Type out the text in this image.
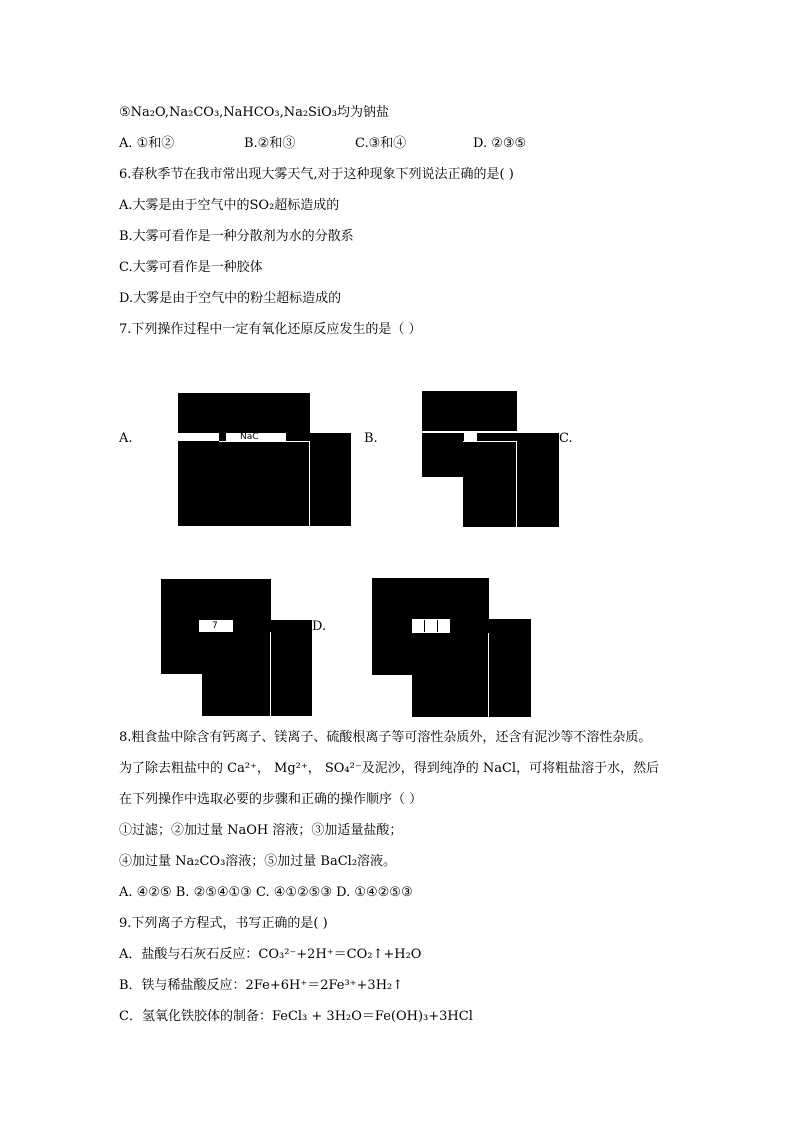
⑤Na₂O,Na₂CO₃,NaHCO₃,Na₂SiO₃均为钠盐
A. ①和②	B.②和③	C.③和④	D. ②③⑤
6.春秋季节在我市常出现大雾天气,对于这种现象下列说法正确的是( )
A.大雾是由于空气中的SO₂超标造成的
B.大雾可看作是一种分散剂为水的分散系
C.大雾可看作是一种胶体
D.大雾是由于空气中的粉尘超标造成的
7.下列操作过程中一定有氧化还原反应发生的是（ ）
A.	NaC	B.	C.
7	D.
8.粗食盐中除含有钙离子、镁离子、硫酸根离子等可溶性杂质外，还含有泥沙等不溶性杂质。
为了除去粗盐中的 Ca²⁺， Mg²⁺， SO₄²⁻及泥沙，得到纯净的 NaCl，可将粗盐溶于水，然后
在下列操作中选取必要的步骤和正确的操作顺序（ ）
①过滤；②加过量 NaOH 溶液；③加适量盐酸；
④加过量 Na₂CO₃溶液；⑤加过量 BaCl₂溶液。
A. ④②⑤ B. ②⑤④①③ C. ④①②⑤③ D. ①④②⑤③
9.下列离子方程式，书写正确的是( )
A．盐酸与石灰石反应：CO₃²⁻+2H⁺＝CO₂↑+H₂O
B．铁与稀盐酸反应：2Fe+6H⁺＝2Fe³⁺+3H₂↑
C．氢氧化铁胶体的制备：FeCl₃ + 3H₂O＝Fe(OH)₃+3HCl
